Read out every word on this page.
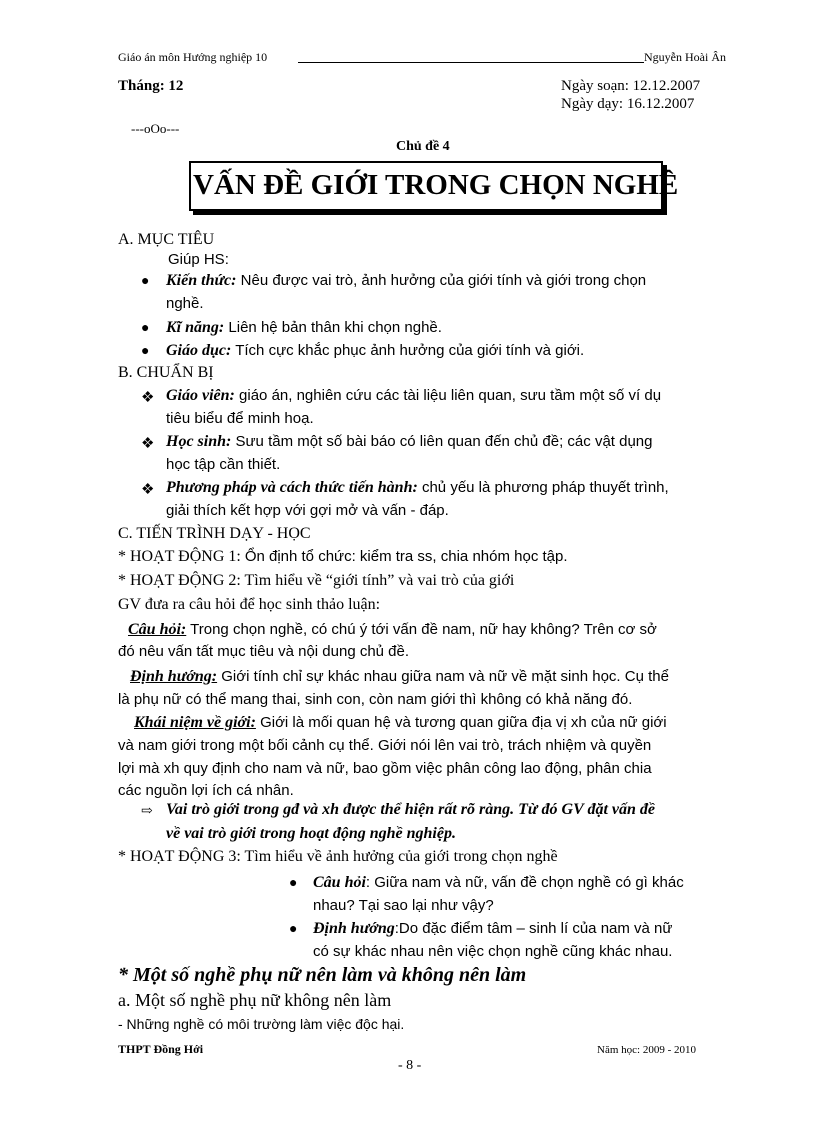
Giáo án môn Hướng nghiệp 10	Nguyễn Hoài Ân
Tháng: 12	Ngày soạn: 12.12.2007
Ngày dạy: 16.12.2007
---oOo---
Chủ đề 4
VẤN ĐỀ GIỚI TRONG CHỌN NGHỀ
A. MỤC TIÊU
Giúp HS:
● Kiến thức: Nêu được vai trò, ảnh hưởng của giới tính và giới trong chọn
nghề.
● Kĩ năng: Liên hệ bản thân khi chọn nghề.
● Giáo dục: Tích cực khắc phục ảnh hưởng của giới tính và giới.
B. CHUẨN BỊ
❖ Giáo viên: giáo án, nghiên cứu các tài liệu liên quan, sưu tầm một số ví dụ
tiêu biểu để minh hoạ.
❖ Học sinh: Sưu tầm một số bài báo có liên quan đến chủ đề; các vật dụng
học tập cần thiết.
❖ Phương pháp và cách thức tiến hành: chủ yếu là phương pháp thuyết trình,
giải thích kết hợp với gợi mở và vấn - đáp.
C. TIẾN TRÌNH DẠY - HỌC
* HOẠT ĐỘNG 1: Ổn định tổ chức: kiểm tra ss, chia nhóm học tập.
* HOẠT ĐỘNG 2: Tìm hiểu về “giới tính” và vai trò của giới
GV đưa ra câu hỏi để học sinh thảo luận:
Câu hỏi: Trong chọn nghề, có chú ý tới vấn đề nam, nữ hay không? Trên cơ sở
đó nêu vấn tất mục tiêu và nội dung chủ đề.
Định hướng: Giới tính chỉ sự khác nhau giữa nam và nữ về mặt sinh học. Cụ thể
là phụ nữ có thể mang thai, sinh con, còn nam giới thì không có khả năng đó.
Khái niệm về giới: Giới là mối quan hệ và tương quan giữa địa vị xh của nữ giới
và nam giới trong một bối cảnh cụ thể. Giới nói lên vai trò, trách nhiệm và quyền
lợi mà xh quy định cho nam và nữ, bao gồm việc phân công lao động, phân chia
các nguồn lợi ích cá nhân.
⇨ Vai trò giới trong gđ và xh được thể hiện rất rõ ràng. Từ đó GV đặt vấn đề
về vai trò giới trong hoạt động nghề nghiệp.
* HOẠT ĐỘNG 3: Tìm hiểu về ảnh hưởng của giới trong chọn nghề
● Câu hỏi: Giữa nam và nữ, vấn đề chọn nghề có gì khác
nhau? Tại sao lại như vậy?
● Định hướng:Do đặc điểm tâm – sinh lí của nam và nữ
có sự khác nhau nên việc chọn nghề cũng khác nhau.
* Một số nghề phụ nữ nên làm và không nên làm
a. Một số nghề phụ nữ không nên làm
- Những nghề có môi trường làm việc độc hại.
THPT Đồng Hới	Năm học: 2009 - 2010
- 8 -
